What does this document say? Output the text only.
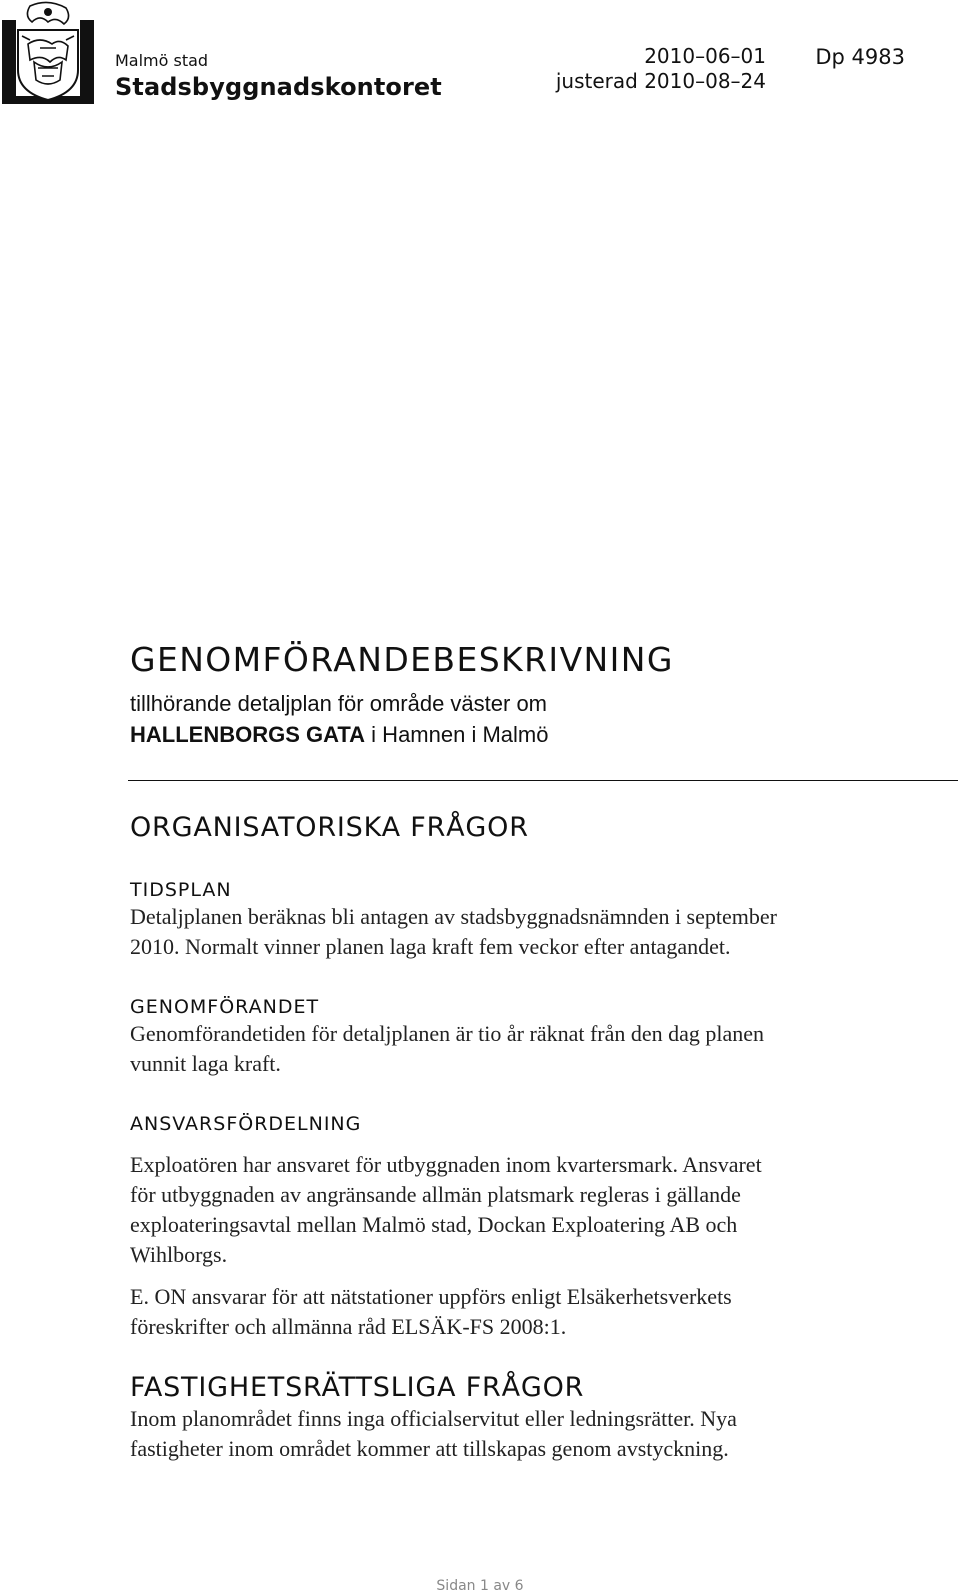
Malmö stad
Stadsbyggnadskontoret
2010–06–01
justerad 2010–08–24
Dp 4983
GENOMFÖRANDEBESKRIVNING
tillhörande detaljplan för område väster om
HALLENBORGS GATA i Hamnen i Malmö
ORGANISATORISKA FRÅGOR
TIDSPLAN
Detaljplanen beräknas bli antagen av stadsbyggnadsnämnden i september
2010. Normalt vinner planen laga kraft fem veckor efter antagandet.
GENOMFÖRANDET
Genomförandetiden för detaljplanen är tio år räknat från den dag planen
vunnit laga kraft.
ANSVARSFÖRDELNING
Exploatören har ansvaret för utbyggnaden inom kvartersmark. Ansvaret
för utbyggnaden av angränsande allmän platsmark regleras i gällande
exploateringsavtal mellan Malmö stad, Dockan Exploatering AB och
Wihlborgs.
E. ON ansvarar för att nätstationer uppförs enligt Elsäkerhetsverkets
föreskrifter och allmänna råd ELSÄK-FS 2008:1.
FASTIGHETSRÄTTSLIGA FRÅGOR
Inom planområdet finns inga officialservitut eller ledningsrätter. Nya
fastigheter inom området kommer att tillskapas genom avstyckning.
Sidan 1 av 6
